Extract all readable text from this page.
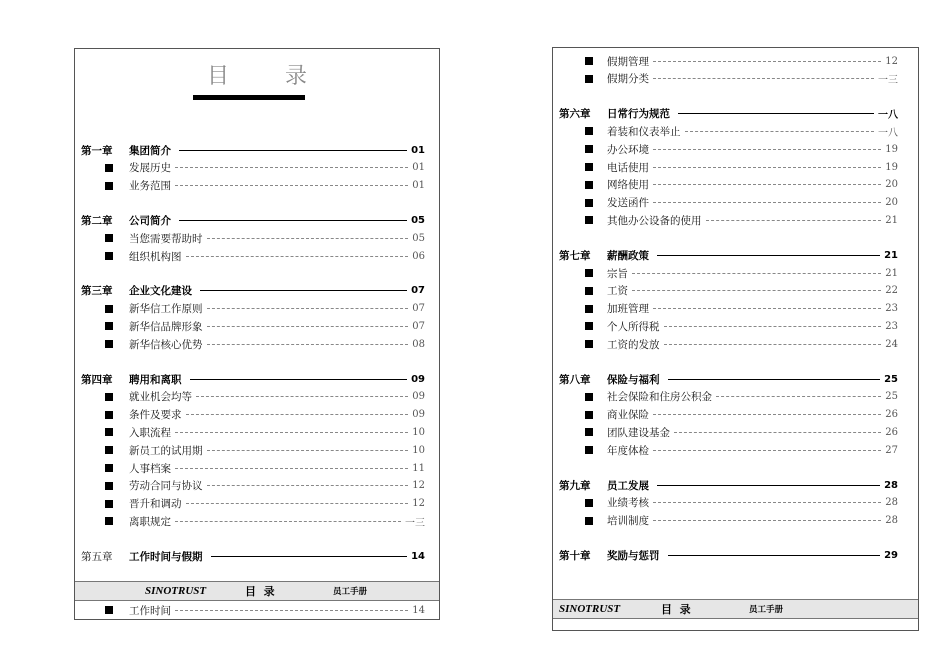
目	录
第一章	集团简介	01
发展历史	01
业务范围	01
第二章	公司简介	05
当您需要帮助时	05
组织机构图	06
第三章	企业文化建设	07
新华信工作原则	07
新华信品牌形象	07
新华信核心优势	08
第四章	聘用和离职	09
就业机会均等	09
条件及要求	09
入职流程	10
新员工的试用期	10
人事档案	11
劳动合同与协议	12
晋升和调动	12
离职规定	一三
第五章	工作时间与假期	14
SINOTRUST	目  录	员工手册
工作时间	14
假期管理	12
假期分类	一三
第六章	日常行为规范	一八
着装和仪表举止	一八
办公环境	19
电话使用	19
网络使用	20
发送函件	20
其他办公设备的使用	21
第七章	薪酬政策	21
宗旨	21
工资	22
加班管理	23
个人所得税	23
工资的发放	24
第八章	保险与福利	25
社会保险和住房公积金	25
商业保险	26
团队建设基金	26
年度体检	27
第九章	员工发展	28
业绩考核	28
培训制度	28
第十章	奖励与惩罚	29
SINOTRUST	目  录	员工手册
